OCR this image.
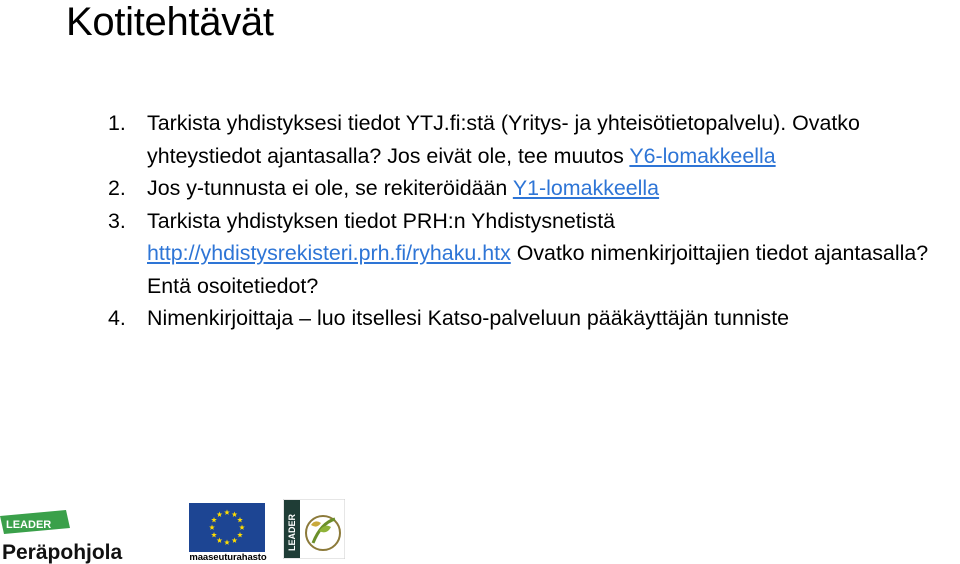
Kotitehtävät
1. Tarkista yhdistyksesi tiedot YTJ.fi:stä (Yritys- ja yhteisötietopalvelu). Ovatko yhteystiedot ajantasalla? Jos eivät ole, tee muutos Y6-lomakkeella
2. Jos y-tunnusta ei ole, se rekiteröidään Y1-lomakkeella
3. Tarkista yhdistyksen tiedot PRH:n Yhdistysnetistä http://yhdistysrekisteri.prh.fi/ryhaku.htx Ovatko nimenkirjoittajien tiedot ajantasalla? Entä osoitetiedot?
4. Nimenkirjoittaja – luo itsellesi Katso-palveluun pääkäyttäjän tunniste
LEADER
Peräpohjola	maaseuturahasto
LEADER
